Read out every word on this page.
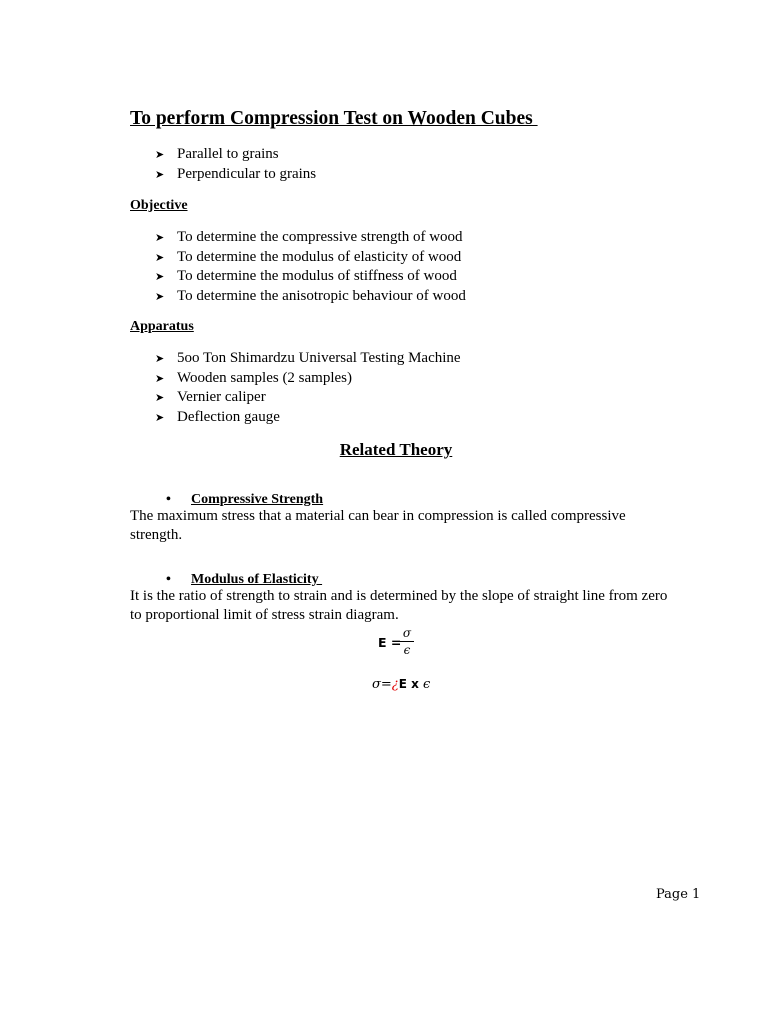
To perform Compression Test on Wooden Cubes
➤ Parallel to grains
➤ Perpendicular to grains
Objective
➤ To determine the compressive strength of wood
➤ To determine the modulus of elasticity of wood
➤ To determine the modulus of stiffness of wood
➤ To determine the anisotropic behaviour of wood
Apparatus
➤ 5oo Ton Shimardzu Universal Testing Machine
➤ Wooden samples (2 samples)
➤ Vernier caliper
➤ Deflection gauge
Related Theory

• Compressive Strength

The maximum stress that a material can bear in compression is called compressive strength.

• Modulus of Elasticity

It is the ratio of strength to strain and is determined by the slope of straight line from zero to proportional limit of stress strain diagram.

E =
σ
ϵ
σ=¿E x ϵ
Page 1
